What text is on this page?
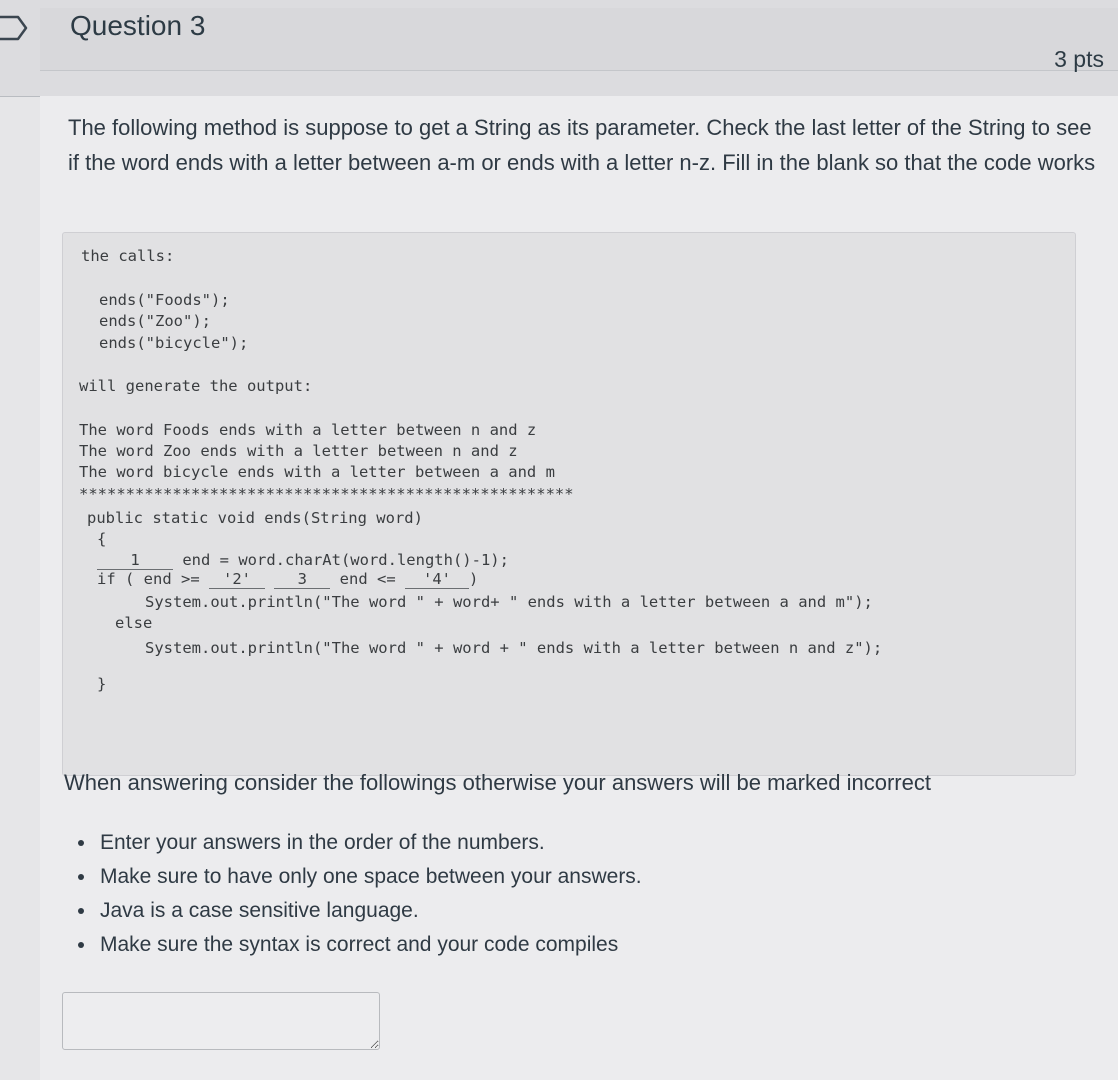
Question 3
3 pts
The following method is suppose to get a String as its parameter. Check the last letter of the String to see if the word ends with a letter between a-m or ends with a letter n-z. Fill in the blank so that the code works
the calls:
ends("Foods");
ends("Zoo");
ends("bicycle");
will generate the output:
The word Foods ends with a letter between n and z
The word Zoo ends with a letter between n and z
The word bicycle ends with a letter between a and m
*****************************************************
public static void ends(String word)
{
1 end = word.charAt(word.length()-1);
if ( end >= '2'	3 end <= '4' )
System.out.println("The word " + word+ " ends with a letter between a and m");
else
System.out.println("The word " + word + " ends with a letter between n and z");
}
When answering consider the followings otherwise your answers will be marked incorrect
Enter your answers in the order of the numbers.
Make sure to have only one space between your answers.
Java is a case sensitive language.
Make sure the syntax is correct and your code compiles
